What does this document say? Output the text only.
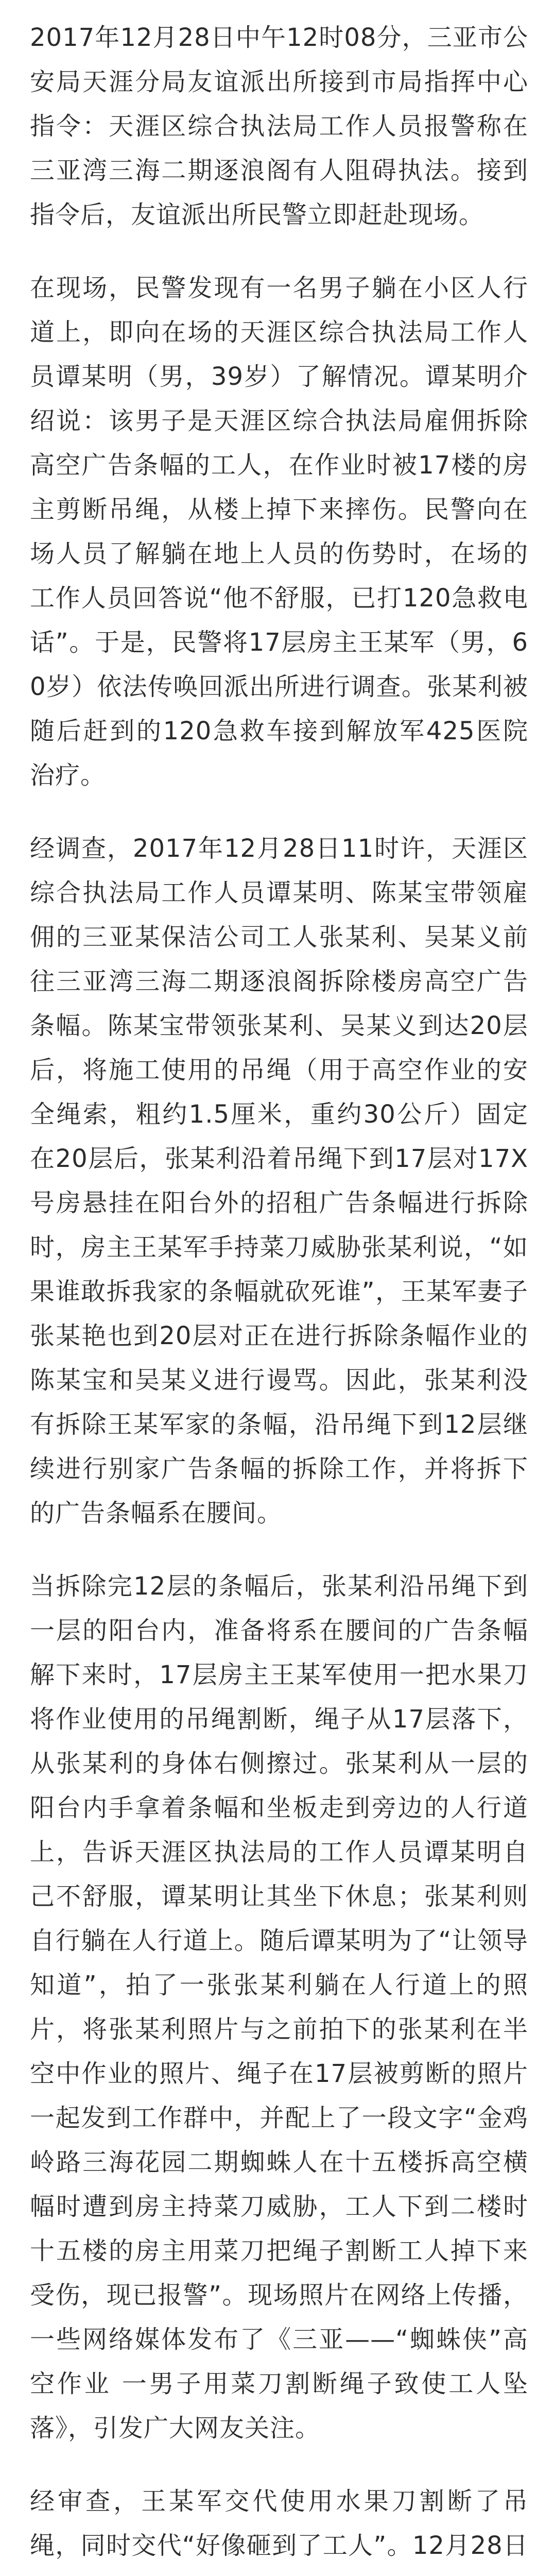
2017年12月28日中午12时08分，三亚市公安局天涯分局友谊派出所接到市局指挥中心指令：天涯区综合执法局工作人员报警称在三亚湾三海二期逐浪阁有人阻碍执法。接到指令后，友谊派出所民警立即赶赴现场。

在现场，民警发现有一名男子躺在小区人行道上，即向在场的天涯区综合执法局工作人员谭某明（男，39岁）了解情况。谭某明介绍说：该男子是天涯区综合执法局雇佣拆除高空广告条幅的工人，在作业时被17楼的房主剪断吊绳，从楼上掉下来摔伤。民警向在场人员了解躺在地上人员的伤势时，在场的工作人员回答说“他不舒服，已打120急救电话”。于是，民警将17层房主王某军（男，60岁）依法传唤回派出所进行调查。张某利被随后赶到的120急救车接到解放军425医院治疗。

经调查，2017年12月28日11时许，天涯区综合执法局工作人员谭某明、陈某宝带领雇佣的三亚某保洁公司工人张某利、吴某义前往三亚湾三海二期逐浪阁拆除楼房高空广告条幅。陈某宝带领张某利、吴某义到达20层后，将施工使用的吊绳（用于高空作业的安全绳索，粗约1.5厘米，重约30公斤）固定在20层后，张某利沿着吊绳下到17层对17X号房悬挂在阳台外的招租广告条幅进行拆除时，房主王某军手持菜刀威胁张某利说，“如果谁敢拆我家的条幅就砍死谁”，王某军妻子张某艳也到20层对正在进行拆除条幅作业的陈某宝和吴某义进行谩骂。因此，张某利没有拆除王某军家的条幅，沿吊绳下到12层继续进行别家广告条幅的拆除工作，并将拆下的广告条幅系在腰间。

当拆除完12层的条幅后，张某利沿吊绳下到一层的阳台内，准备将系在腰间的广告条幅解下来时，17层房主王某军使用一把水果刀将作业使用的吊绳割断，绳子从17层落下，从张某利的身体右侧擦过。张某利从一层的阳台内手拿着条幅和坐板走到旁边的人行道上，告诉天涯区执法局的工作人员谭某明自己不舒服，谭某明让其坐下休息；张某利则自行躺在人行道上。随后谭某明为了“让领导知道”，拍了一张张某利躺在人行道上的照片，将张某利照片与之前拍下的张某利在半空中作业的照片、绳子在17层被剪断的照片一起发到工作群中，并配上了一段文字“金鸡岭路三海花园二期蜘蛛人在十五楼拆高空横幅时遭到房主持菜刀威胁，工人下到二楼时十五楼的房主用菜刀把绳子割断工人掉下来受伤，现已报警”。现场照片在网络上传播，一些网络媒体发布了《三亚——“蜘蛛侠”高空作业 一男子用菜刀割断绳子致使工人坠落》，引发广大网友关注。

经审查，王某军交代使用水果刀割断了吊绳，同时交代“好像砸到了工人”。12月28日
